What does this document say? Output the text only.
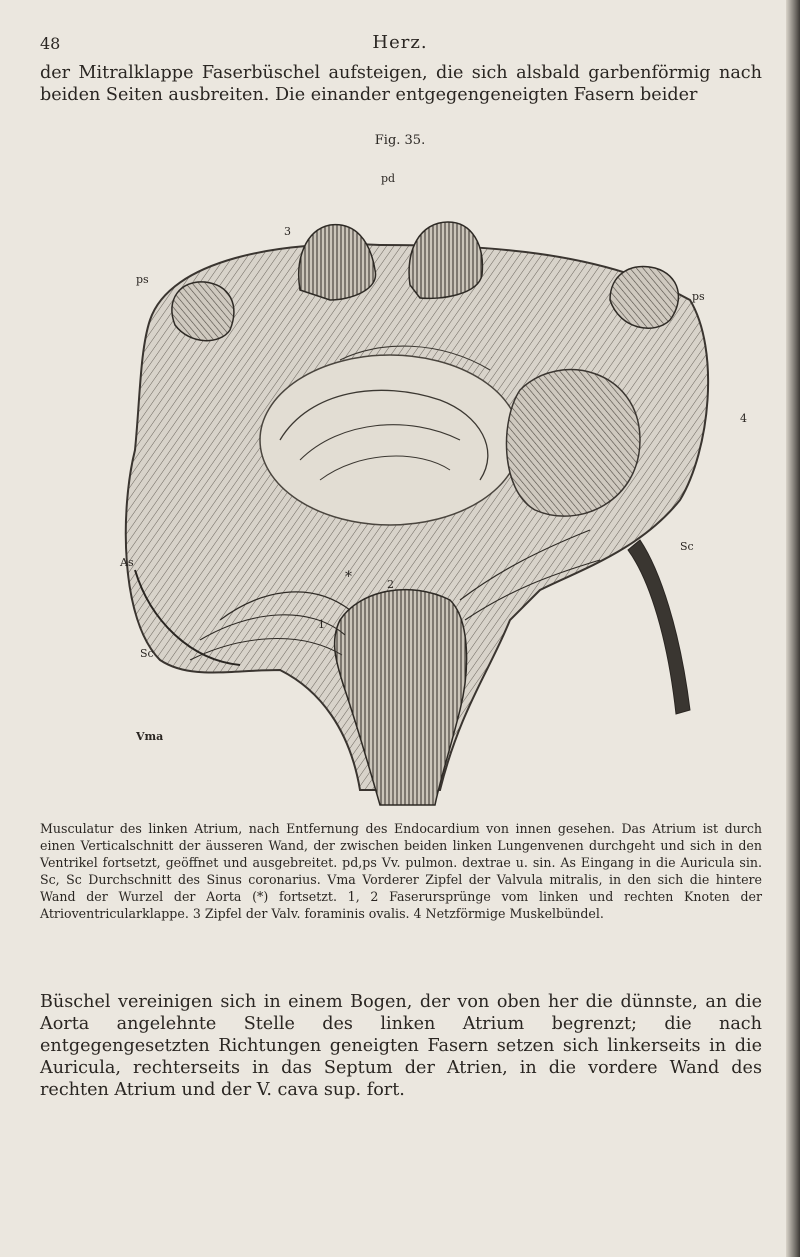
48	Herz.

der Mitralklappe Faserbüschel aufsteigen, die sich alsbald garbenförmig nach beiden Seiten ausbreiten. Die einander entgegengeneigten Fasern beider

Fig. 35.
pd
3
ps
ps
4
Sc
As
*	2
1
Sc
Vma

Musculatur des linken Atrium, nach Entfernung des Endocardium von innen gesehen. Das Atrium ist durch einen Verticalschnitt der äusseren Wand, der zwischen beiden linken Lungenvenen durchgeht und sich in den Ventrikel fortsetzt, geöffnet und ausgebreitet. pd,ps Vv. pulmon. dextrae u. sin. As Eingang in die Auricula sin. Sc, Sc Durchschnitt des Sinus coronarius. Vma Vorderer Zipfel der Valvula mitralis, in den sich die hintere Wand der Wurzel der Aorta (*) fortsetzt. 1, 2 Faserursprünge vom linken und rechten Knoten der Atrioventricularklappe. 3 Zipfel der Valv. foraminis ovalis. 4 Netzförmige Muskelbündel.

Büschel vereinigen sich in einem Bogen, der von oben her die dünnste, an die Aorta angelehnte Stelle des linken Atrium begrenzt; die nach entgegengesetzten Richtungen geneigten Fasern setzen sich linkerseits in die Auricula, rechterseits in das Septum der Atrien, in die vordere Wand des rechten Atrium und der V. cava sup. fort.
